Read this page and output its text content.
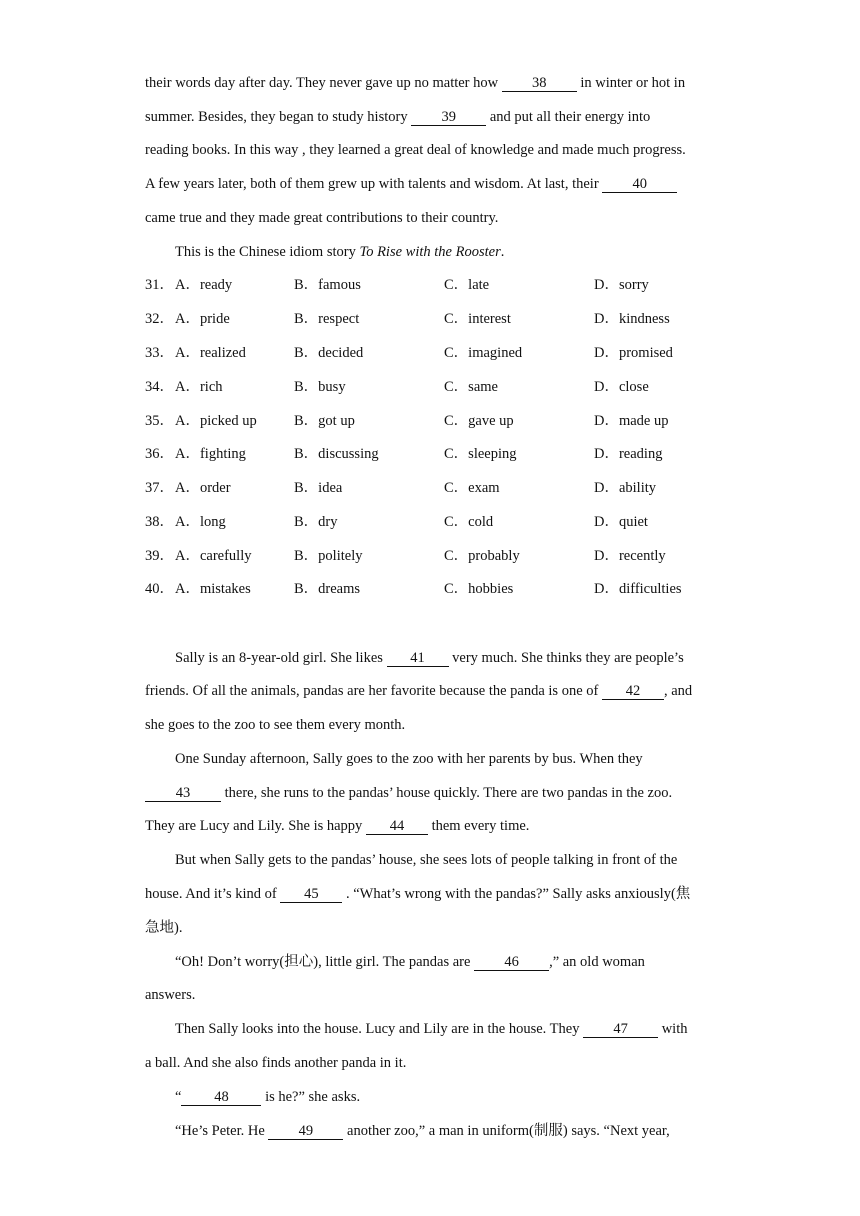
their words day after day. They never gave up no matter how 38 in winter or hot in
summer. Besides, they began to study history 39 and put all their energy into
reading books. In this way , they learned a great deal of knowledge and made much progress.
A few years later, both of them grew up with talents and wisdom. At last, their 40
came true and they made great contributions to their country.
This is the Chinese idiom story To Rise with the Rooster.
31． A．ready	B．famous	C．late	D．sorry
32． A．pride	B．respect	C．interest	D．kindness
33． A．realized	B．decided	C．imagined	D．promised
34． A．rich	B．busy	C．same	D．close
35． A．picked up	B．got up	C．gave up	D．made up
36． A．fighting	B．discussing	C．sleeping	D．reading
37． A．order	B．idea	C．exam	D．ability
38． A．long	B．dry	C．cold	D．quiet
39． A．carefully	B．politely	C．probably	D．recently
40． A．mistakes	B．dreams	C．hobbies	D．difficulties
Sally is an 8-year-old girl. She likes 41 very much. She thinks they are people’s
friends. Of all the animals, pandas are her favorite because the panda is one of 42 , and
she goes to the zoo to see them every month.
One Sunday afternoon, Sally goes to the zoo with her parents by bus. When they
43 there, she runs to the pandas’ house quickly. There are two pandas in the zoo.
They are Lucy and Lily. She is happy 44 them every time.
But when Sally gets to the pandas’ house, she sees lots of people talking in front of the
house. And it’s kind of 45 . “What’s wrong with the pandas?” Sally asks anxiously(焦
急地).
“Oh! Don’t worry(担心), little girl. The pandas are 46 ,” an old woman
answers.
Then Sally looks into the house. Lucy and Lily are in the house. They 47 with
a ball. And she also finds another panda in it.
“ 48 is he?” she asks.
“He’s Peter. He 49 another zoo,” a man in uniform(制服) says. “Next year,
